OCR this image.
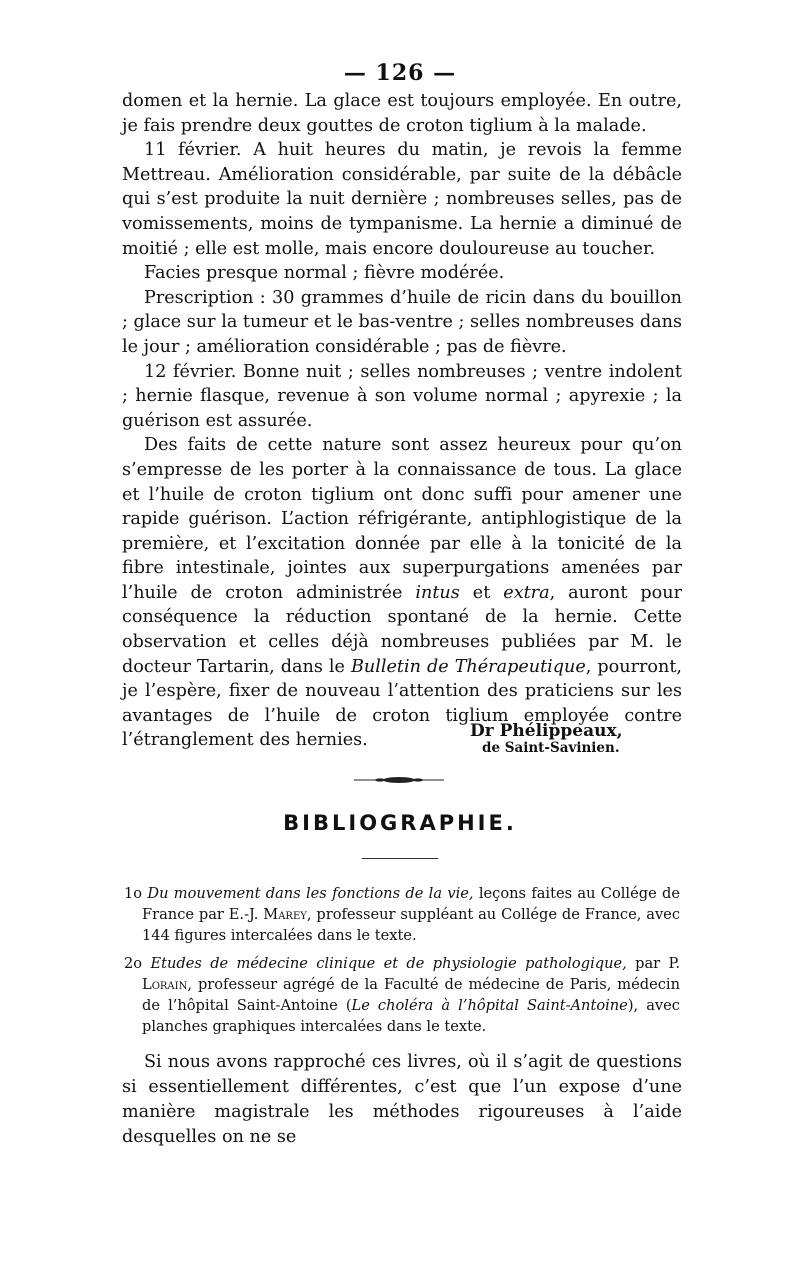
— 126 —

domen et la hernie. La glace est toujours employée. En outre, je fais prendre deux gouttes de croton tiglium à la malade.

11 février. A huit heures du matin, je revois la femme Mettreau. Amélioration considérable, par suite de la débâcle qui s’est produite la nuit dernière ; nombreuses selles, pas de vomissements, moins de tympanisme. La hernie a diminué de moitié ; elle est molle, mais encore douloureuse au toucher.

Facies presque normal ; fièvre modérée.

Prescription : 30 grammes d’huile de ricin dans du bouillon ; glace sur la tumeur et le bas-ventre ; selles nombreuses dans le jour ; amélioration considérable ; pas de fièvre.

12 février. Bonne nuit ; selles nombreuses ; ventre indolent ; hernie flasque, revenue à son volume normal ; apyrexie ; la guérison est assurée.

Des faits de cette nature sont assez heureux pour qu’on s’empresse de les porter à la connaissance de tous. La glace et l’huile de croton tiglium ont donc suffi pour amener une rapide guérison. L’action réfrigérante, antiphlogistique de la première, et l’excitation donnée par elle à la tonicité de la fibre intestinale, jointes aux superpurgations amenées par l’huile de croton administrée intus et extra, auront pour conséquence la réduction spontané de la hernie. Cette observation et celles déjà nombreuses publiées par M. le docteur Tartarin, dans le Bulletin de Thérapeutique, pourront, je l’espère, fixer de nouveau l’attention des praticiens sur les avantages de l’huile de croton tiglium employée contre l’étranglement des hernies.	Dr Phélippeaux,
de Saint-Savinien.
BIBLIOGRAPHIE.
1o Du mouvement dans les fonctions de la vie, leçons faites au Collége de France par E.-J. Marey, professeur suppléant au Collége de France, avec 144 figures intercalées dans le texte.
2o Etudes de médecine clinique et de physiologie pathologique, par P. Lorain, professeur agrégé de la Faculté de médecine de Paris, médecin de l’hôpital Saint-Antoine (Le choléra à l’hôpital Saint-Antoine), avec planches graphiques intercalées dans le texte.

Si nous avons rapproché ces livres, où il s’agit de questions si essentiellement différentes, c’est que l’un expose d’une manière magistrale les méthodes rigoureuses à l’aide desquelles on ne se
